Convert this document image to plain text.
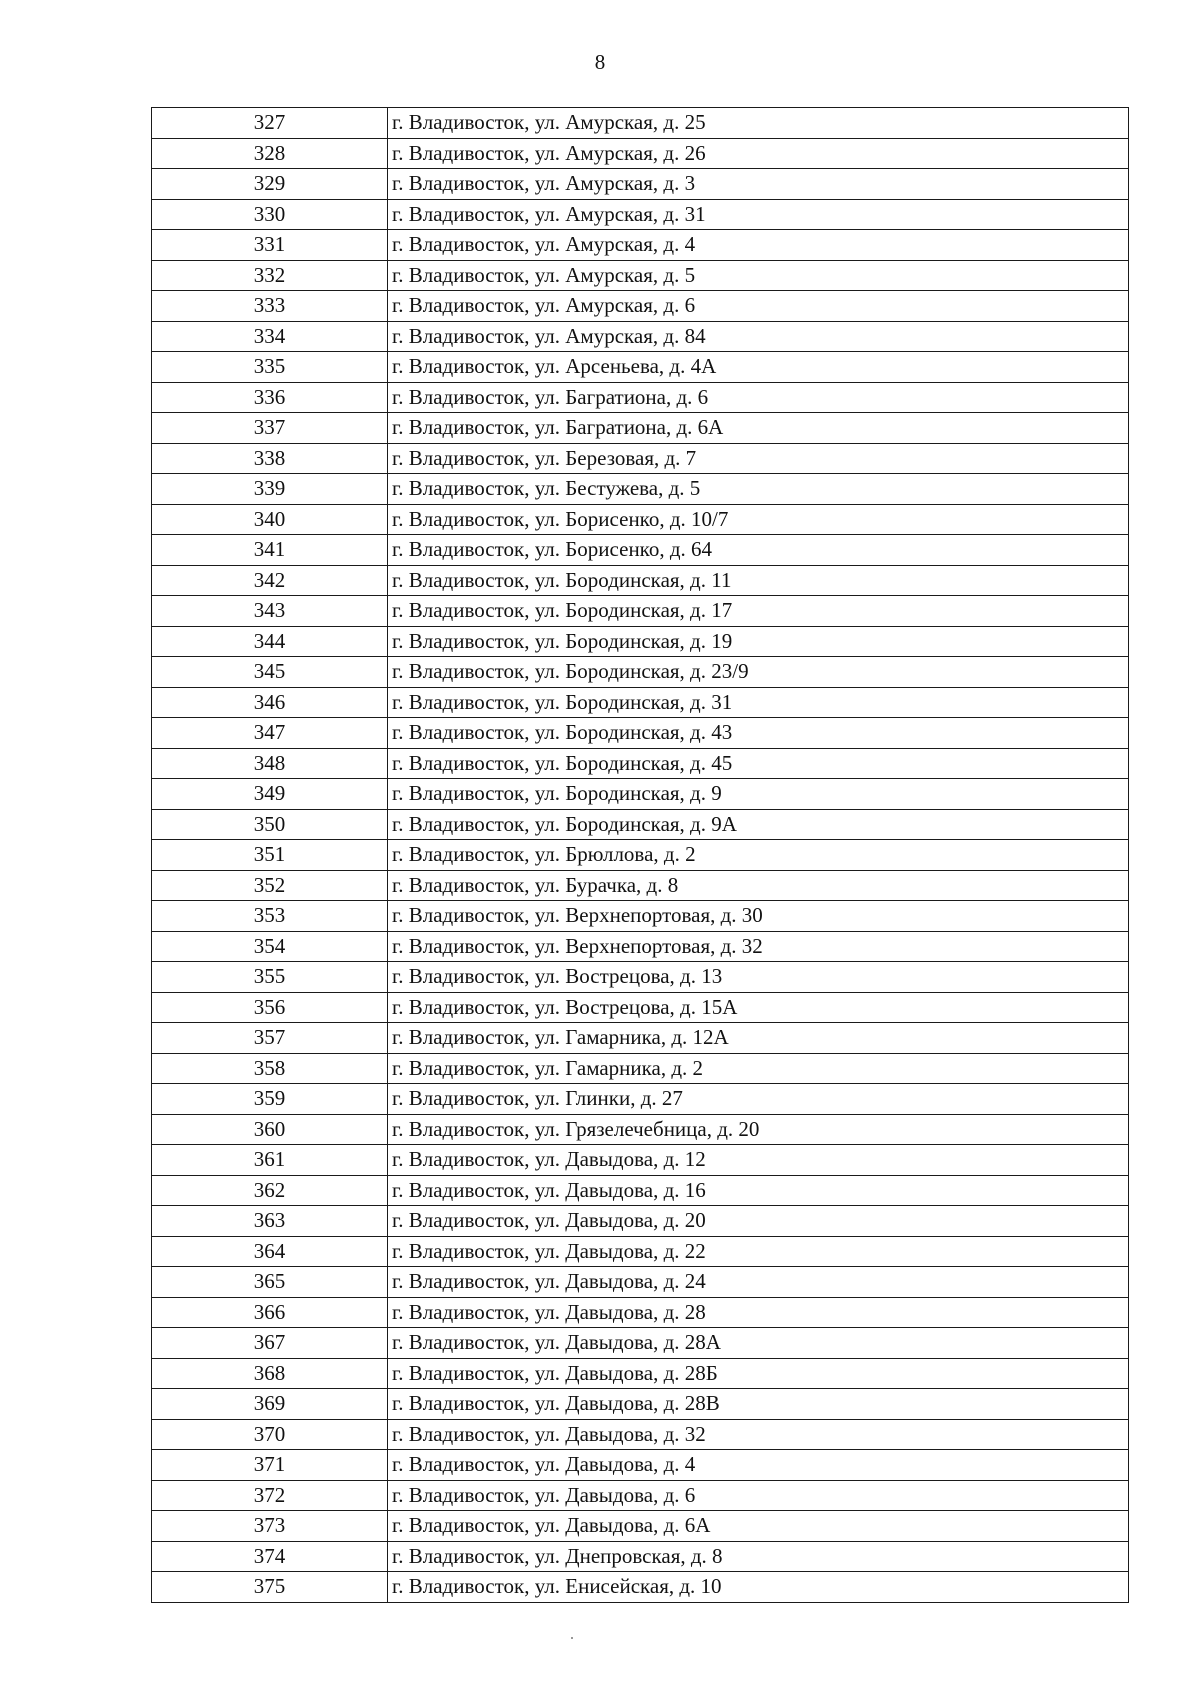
8
327	г. Владивосток, ул. Амурская, д. 25
328	г. Владивосток, ул. Амурская, д. 26
329	г. Владивосток, ул. Амурская, д. 3
330	г. Владивосток, ул. Амурская, д. 31
331	г. Владивосток, ул. Амурская, д. 4
332	г. Владивосток, ул. Амурская, д. 5
333	г. Владивосток, ул. Амурская, д. 6
334	г. Владивосток, ул. Амурская, д. 84
335	г. Владивосток, ул. Арсеньева, д. 4А
336	г. Владивосток, ул. Багратиона, д. 6
337	г. Владивосток, ул. Багратиона, д. 6А
338	г. Владивосток, ул. Березовая, д. 7
339	г. Владивосток, ул. Бестужева, д. 5
340	г. Владивосток, ул. Борисенко, д. 10/7
341	г. Владивосток, ул. Борисенко, д. 64
342	г. Владивосток, ул. Бородинская, д. 11
343	г. Владивосток, ул. Бородинская, д. 17
344	г. Владивосток, ул. Бородинская, д. 19
345	г. Владивосток, ул. Бородинская, д. 23/9
346	г. Владивосток, ул. Бородинская, д. 31
347	г. Владивосток, ул. Бородинская, д. 43
348	г. Владивосток, ул. Бородинская, д. 45
349	г. Владивосток, ул. Бородинская, д. 9
350	г. Владивосток, ул. Бородинская, д. 9А
351	г. Владивосток, ул. Брюллова, д. 2
352	г. Владивосток, ул. Бурачка, д. 8
353	г. Владивосток, ул. Верхнепортовая, д. 30
354	г. Владивосток, ул. Верхнепортовая, д. 32
355	г. Владивосток, ул. Вострецова, д. 13
356	г. Владивосток, ул. Вострецова, д. 15А
357	г. Владивосток, ул. Гамарника, д. 12А
358	г. Владивосток, ул. Гамарника, д. 2
359	г. Владивосток, ул. Глинки, д. 27
360	г. Владивосток, ул. Грязелечебница, д. 20
361	г. Владивосток, ул. Давыдова, д. 12
362	г. Владивосток, ул. Давыдова, д. 16
363	г. Владивосток, ул. Давыдова, д. 20
364	г. Владивосток, ул. Давыдова, д. 22
365	г. Владивосток, ул. Давыдова, д. 24
366	г. Владивосток, ул. Давыдова, д. 28
367	г. Владивосток, ул. Давыдова, д. 28А
368	г. Владивосток, ул. Давыдова, д. 28Б
369	г. Владивосток, ул. Давыдова, д. 28В
370	г. Владивосток, ул. Давыдова, д. 32
371	г. Владивосток, ул. Давыдова, д. 4
372	г. Владивосток, ул. Давыдова, д. 6
373	г. Владивосток, ул. Давыдова, д. 6А
374	г. Владивосток, ул. Днепровская, д. 8
375	г. Владивосток, ул. Енисейская, д. 10
